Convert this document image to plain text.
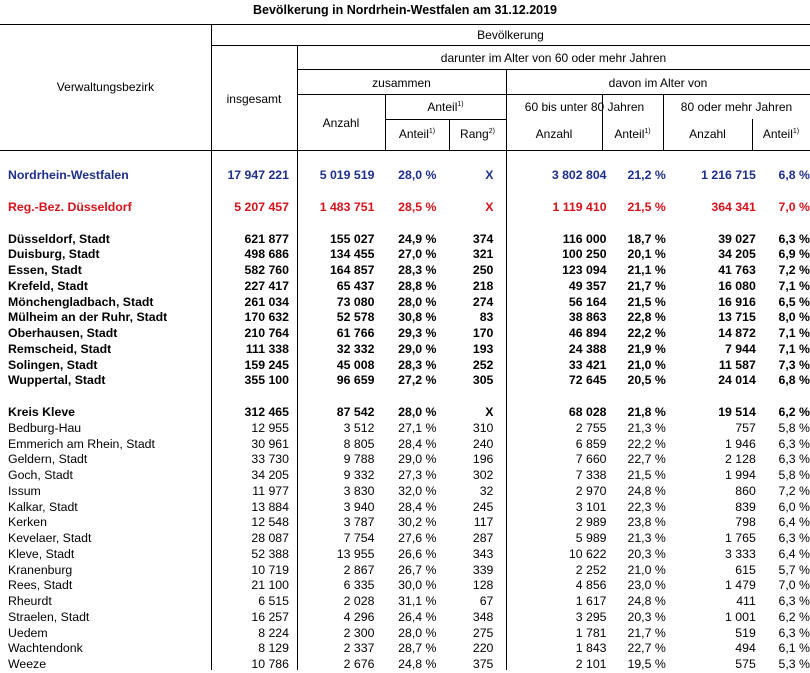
Bevölkerung in Nordrhein-Westfalen am 31.12.2019
Verwaltungsbezirk
Bevölkerung
insgesamt
darunter im Alter von 60 oder mehr Jahren
zusammen	davon im Alter von
Anzahl
Anteil$^{1)}$
Anteil$^{1)}$	Rang$^{2)}$
60 bis unter 80 Jahren	80 oder mehr Jahren
Anzahl	Anteil$^{1)}$	Anzahl	Anteil$^{1)}$
Nordrhein-Westfalen	17 947 221	5 019 519	28,0 %	X	3 802 804	21,2 %	1 216 715	6,8 %

Reg.-Bez. Düsseldorf	5 207 457	1 483 751	28,5 %	X	1 119 410	21,5 %	364 341	7,0 %

Düsseldorf, Stadt	621 877	155 027	24,9 %	374	116 000	18,7 %	39 027	6,3 %
Duisburg, Stadt	498 686	134 455	27,0 %	321	100 250	20,1 %	34 205	6,9 %
Essen, Stadt	582 760	164 857	28,3 %	250	123 094	21,1 %	41 763	7,2 %
Krefeld, Stadt	227 417	65 437	28,8 %	218	49 357	21,7 %	16 080	7,1 %
Mönchengladbach, Stadt	261 034	73 080	28,0 %	274	56 164	21,5 %	16 916	6,5 %
Mülheim an der Ruhr, Stadt	170 632	52 578	30,8 %	83	38 863	22,8 %	13 715	8,0 %
Oberhausen, Stadt	210 764	61 766	29,3 %	170	46 894	22,2 %	14 872	7,1 %
Remscheid, Stadt	111 338	32 332	29,0 %	193	24 388	21,9 %	7 944	7,1 %
Solingen, Stadt	159 245	45 008	28,3 %	252	33 421	21,0 %	11 587	7,3 %
Wuppertal, Stadt	355 100	96 659	27,2 %	305	72 645	20,5 %	24 014	6,8 %

Kreis Kleve	312 465	87 542	28,0 %	X	68 028	21,8 %	19 514	6,2 %
Bedburg-Hau	12 955	3 512	27,1 %	310	2 755	21,3 %	757	5,8 %
Emmerich am Rhein, Stadt	30 961	8 805	28,4 %	240	6 859	22,2 %	1 946	6,3 %
Geldern, Stadt	33 730	9 788	29,0 %	196	7 660	22,7 %	2 128	6,3 %
Goch, Stadt	34 205	9 332	27,3 %	302	7 338	21,5 %	1 994	5,8 %
Issum	11 977	3 830	32,0 %	32	2 970	24,8 %	860	7,2 %
Kalkar, Stadt	13 884	3 940	28,4 %	245	3 101	22,3 %	839	6,0 %
Kerken	12 548	3 787	30,2 %	117	2 989	23,8 %	798	6,4 %
Kevelaer, Stadt	28 087	7 754	27,6 %	287	5 989	21,3 %	1 765	6,3 %
Kleve, Stadt	52 388	13 955	26,6 %	343	10 622	20,3 %	3 333	6,4 %
Kranenburg	10 719	2 867	26,7 %	339	2 252	21,0 %	615	5,7 %
Rees, Stadt	21 100	6 335	30,0 %	128	4 856	23,0 %	1 479	7,0 %
Rheurdt	6 515	2 028	31,1 %	67	1 617	24,8 %	411	6,3 %
Straelen, Stadt	16 257	4 296	26,4 %	348	3 295	20,3 %	1 001	6,2 %
Uedem	8 224	2 300	28,0 %	275	1 781	21,7 %	519	6,3 %
Wachtendonk	8 129	2 337	28,7 %	220	1 843	22,7 %	494	6,1 %
Weeze	10 786	2 676	24,8 %	375	2 101	19,5 %	575	5,3 %
